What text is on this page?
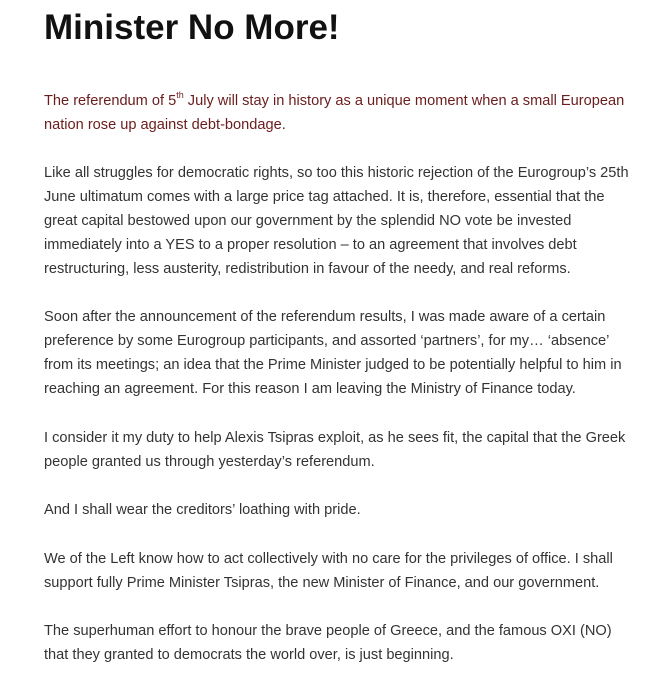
Minister No More!

The referendum of 5th July will stay in history as a unique moment when a small European nation rose up against debt-bondage.

Like all struggles for democratic rights, so too this historic rejection of the Eurogroup’s 25th June ultimatum comes with a large price tag attached. It is, therefore, essential that the great capital bestowed upon our government by the splendid NO vote be invested immediately into a YES to a proper resolution – to an agreement that involves debt restructuring, less austerity, redistribution in favour of the needy, and real reforms.

Soon after the announcement of the referendum results, I was made aware of a certain preference by some Eurogroup participants, and assorted ‘partners’, for my… ‘absence’ from its meetings; an idea that the Prime Minister judged to be potentially helpful to him in reaching an agreement. For this reason I am leaving the Ministry of Finance today.

I consider it my duty to help Alexis Tsipras exploit, as he sees fit, the capital that the Greek people granted us through yesterday’s referendum.

And I shall wear the creditors’ loathing with pride.

We of the Left know how to act collectively with no care for the privileges of office. I shall support fully Prime Minister Tsipras, the new Minister of Finance, and our government.

The superhuman effort to honour the brave people of Greece, and the famous OXI (NO) that they granted to democrats the world over, is just beginning.
